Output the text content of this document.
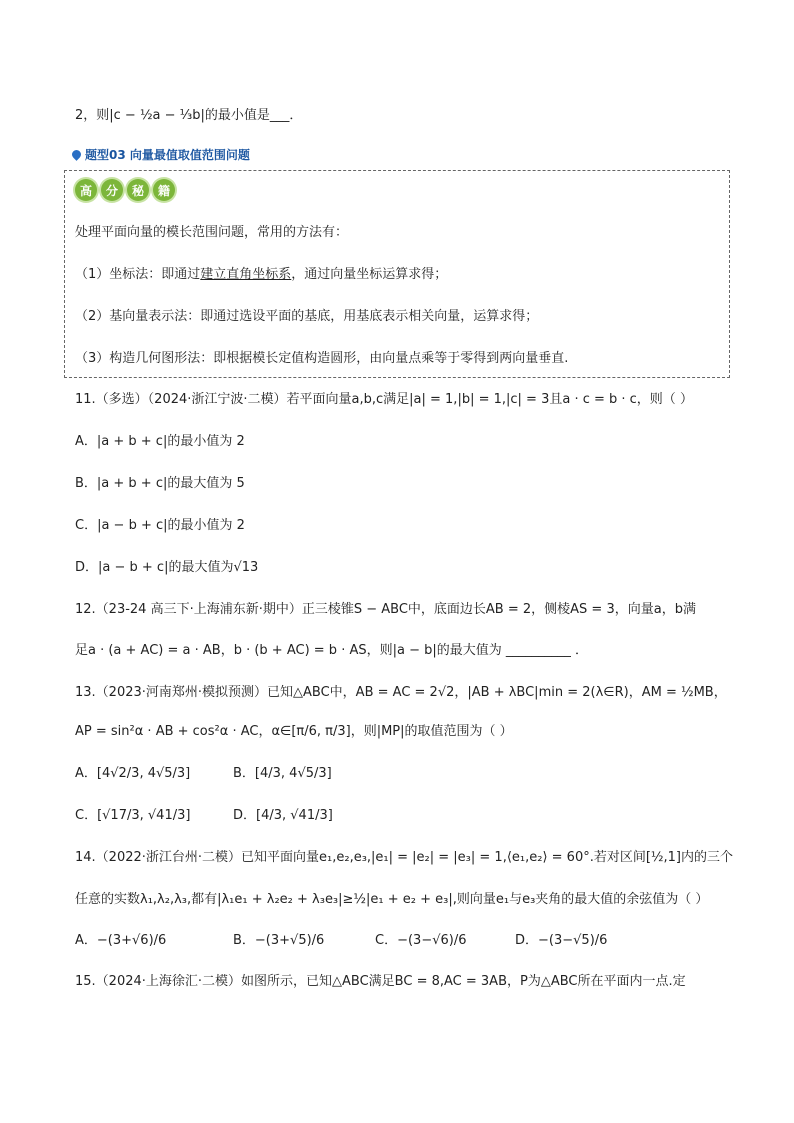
2，则|c − ½a − ⅓b|的最小值是___．
题型03 向量最值取值范围问题
高	分	秘	籍
处理平面向量的模长范围问题，常用的方法有：
（1）坐标法：即通过建立直角坐标系，通过向量坐标运算求得；
（2）基向量表示法：即通过选设平面的基底，用基底表示相关向量，运算求得；
（3）构造几何图形法：即根据模长定值构造圆形，由向量点乘等于零得到两向量垂直.
11.（多选）（2024·浙江宁波·二模）若平面向量a,b,c满足|a| = 1,|b| = 1,|c| = 3且a · c = b · c，则（ ）
A．|a + b + c|的最小值为 2
B．|a + b + c|的最大值为 5
C．|a − b + c|的最小值为 2
D．|a − b + c|的最大值为√13
12.（23-24 高三下·上海浦东新·期中）正三棱锥S − ABC中，底面边长AB = 2，侧棱AS = 3，向量a，b满
足a · (a + AC) = a · AB，b · (b + AC) = b · AS，则|a − b|的最大值为 __________ ．
13.（2023·河南郑州·模拟预测）已知△ABC中，AB = AC = 2√2，|AB + λBC|min = 2(λ∈R)，AM = ½MB，
AP = sin²α · AB + cos²α · AC，α∈[π/6, π/3]，则|MP|的取值范围为（ ）
A．[4√2/3, 4√5/3]	B．[4/3, 4√5/3]
C．[√17/3, √41/3]	D．[4/3, √41/3]
14.（2022·浙江台州·二模）已知平面向量e₁,e₂,e₃,|e₁| = |e₂| = |e₃| = 1,⟨e₁,e₂⟩ = 60°.若对区间[½,1]内的三个
任意的实数λ₁,λ₂,λ₃,都有|λ₁e₁ + λ₂e₂ + λ₃e₃|≥½|e₁ + e₂ + e₃|,则向量e₁与e₃夹角的最大值的余弦值为（ ）
A．−(3+√6)/6	B．−(3+√5)/6	C．−(3−√6)/6	D．−(3−√5)/6
15.（2024·上海徐汇·二模）如图所示，已知△ABC满足BC = 8,AC = 3AB，P为△ABC所在平面内一点.定
